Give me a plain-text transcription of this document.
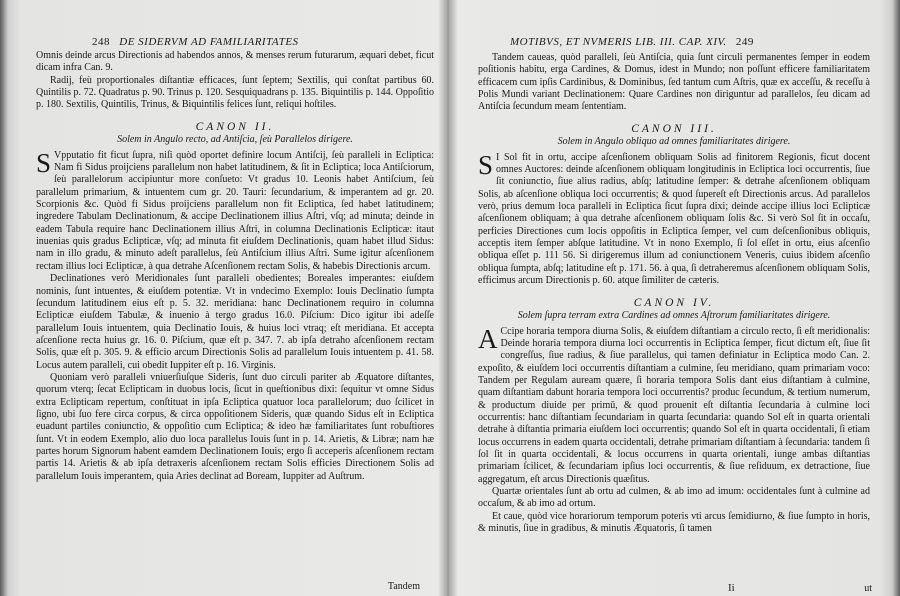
248 DE SIDERVM AD FAMILIARITATES

Omnis deinde arcus Directionis ad habendos annos, & menses rerum futurarum, æquari debet, ficut dicam infra Can. 9.

Radij, feù proportionales diſtantiæ efficaces, ſunt ſeptem; Sextilis, qui conſtat partibus 60. Quintilis p. 72. Quadratus p. 90. Trinus p. 120. Sesquiquadrans p. 135. Biquintilis p. 144. Oppoſitio p. 180. Sextilis, Quintilis, Trinus, & Biquintilis felices ſunt, reliqui hoſtiles.

CANON II.
Solem in Angulo recto, ad Antiſcia, ſeù Parallelos dirigere.

S Vpputatio fit ficut ſupra, niſi quòd oportet definire locum Antiſcij, ſeù paralleli in Ecliptica: Nam fi Sidus proijciens parallelum non habet latitudinem, & ſit in Ecliptica; loca Antiſciorum, ſeù parallelorum accipiuntur more conſueto: Vt gradus 10. Leonis habet Antiſcium, ſeù parallelum primarium, & intuentem cum gr. 20. Tauri: ſecundarium, & imperantem ad gr. 20. Scorpionis &c. Quòd fi Sidus proijciens parallelum non fit Ecliptica, ſed habet latitudinem; ingredere Tabulam Declinationum, & accipe Declinationem illius Aſtri, vſq; ad minuta; deinde in eadem Tabula require hanc Declinationem illius Aſtri, in columna Declinationis Eclipticæ: itaut inuenias quis gradus Eclipticæ, vſq; ad minuta fit eiuſdem Declinationis, quam habet illud Sidus: nam in illo gradu, & minuto adeſt parallelus, ſeù Antiſcium illius Aſtri. Sume igitur aſcenſionem rectam illius loci Eclipticæ, à qua detrahe Aſcenſionem rectam Solis, & habebis Directionis arcum.

Declinationes verò Meridionales ſunt paralleli obedientes; Boreales imperantes: eiuſdem nominis, ſunt intuentes, & eiuſdem potentiæ. Vt in vndecimo Exemplo: Iouis Declinatio ſumpta ſecundum latitudinem eius eſt p. 5. 32. meridiana: hanc Declinationem requiro in columna Eclipticæ eiuſdem Tabulæ, & inuenio à tergo gradus 16.0. Piſcium: Dico igitur ibi adeſſe parallelum Iouis intuentem, quia Declinatio Iouis, & huius loci vtraq; eſt meridiana. Et accepta aſcenſione recta huius gr. 16. 0. Piſcium, quæ eſt p. 347. 7. ab ipſa detraho aſcenſionem rectam Solis, quæ eſt p. 305. 9. & efficio arcum Directionis Solis ad parallelum Iouis intuentem p. 41. 58. Locus autem paralleli, cui obedit Iuppiter eſt p. 16. Virginis.

Quoniam verò paralleli vniuerſiuſque Sideris, ſunt duo circuli pariter ab Æquatore diſtantes, quorum vterq; ſecat Eclipticam in duobus locis, ſicut in queſtionibus dixi: ſequitur vt omne Sidus extra Eclipticam repertum, conſtituat in ipſa Ecliptica quatuor loca parallelorum; duo ſcilicet in ſigno, ubi ſuo fere circa corpus, & circa oppoſitionem Sideris, quæ quando Sidus eſt in Ecliptica euadunt partiles coniunctio, & oppoſitio cum Ecliptica; & ideo hæ familiaritates ſunt robuſtiores ſunt. Vt in eodem Exemplo, alio duo loca parallelus Iouis ſunt in p. 14. Arietis, & Libræ; nam hæ partes horum Signorum habent eamdem Declinationem Iouis; ergo ſi acceperis aſcenſionem rectam partis 14. Arietis & ab ipſa detraxeris aſcenſionem rectam Solis efficies Directionem Solis ad parallelum Iouis imperantem, quia Aries declinat ad Boream, Iuppiter ad Auſtrum.

Tandem
MOTIBVS, ET NVMERIS LIB. III. CAP. XIV. 249

Tandem caueas, quòd paralleli, ſeù Antiſcia, quia ſunt circuli permanentes ſemper in eodem poſitionis habitu, erga Cardines, & Domus, idest in Mundo; non poſſunt efficere familiaritatem efficacem cum ipſis Cardinibus, & Dominibus, ſed tantum cum Aſtris, quæ ex acceſſu, & receſſu à Polis Mundi variant Declinationem: Quare Cardines non diriguntur ad parallelos, ſeu dicam ad Antiſcia ſecundum meam ſententiam.

CANON III.
Solem in Angulo obliquo ad omnes familiaritates dirigere.

S I Sol fit in ortu, accipe aſcenſionem obliquam Solis ad finitorem Regionis, ficut docent omnes Auctores: deinde aſcenſionem obliquam longitudinis in Ecliptica loci occurrentis, ſiue ſit coniunctio, ſiue alius radius, abſq; latitudine ſemper: & detrahe aſcenſionem obliquam Solis, ab aſcenſione obliqua loci occurrentis; & quod ſupereſt eſt Directionis arcus. Ad parallelos verò, prius demum loca paralleli in Ecliptica ſicut ſupra dixi; deinde accipe illius loci Eclipticæ aſcenſionem obliquam; à qua detrahe aſcenſionem obliquam ſolis &c. Si verò Sol ſit in occaſu, perficies Directiones cum locis oppoſitis in Ecliptica ſemper, vel cum deſcenſionibus obliquis, acceptis item ſemper abſque latitudine. Vt in nono Exemplo, ſi ſol eſſet in ortu, eius aſcenſio obliqua eſſet p. 111 56. Si dirigeremus illum ad coniunctionem Veneris, cuius ibidem aſcenſio obliqua ſumpta, abſq; latitudine eſt p. 171. 56. à qua, ſi detraheremus aſcenſionem obliquam Solis, efficimus arcum Directionis p. 60. atque ſimiliter de cæteris.

CANON IV.
Solem ſupra terram extra Cardines ad omnes Aſtrorum familiaritates dirigere.

A Ccipe horaria tempora diurna Solis, & eiuſdem diſtantiam a circulo recto, ſi eſt meridionalis: Deinde horaria tempora diurna loci occurrentis in Ecliptica ſemper, ficut dictum eſt, ſiue ſit congreſſus, ſiue radius, & ſiue parallelus, qui tamen definiatur in Ecliptica modo Can. 2. expoſito, & eiuſdem loci occurrentis diſtantiam a culmine, ſeu meridiano, quam primariam voco: Tandem per Regulam auream quære, ſi horaria tempora Solis dant eius diſtantiam à culmine, quam diſtantiam dabunt horaria tempora loci occurrentis? produc ſecundum, & tertium numerum, & productum diuide per primū, & quod prouenit eſt diſtantia ſecundaria à culmine loci occurrentis: hanc diſtantiam ſecundariam in quarta ſecundaria: quando Sol eſt in quarta orientali detrahe à diſtantia primaria eiuſdem loci occurrentis; quando Sol eſt in quarta occidentali, ſi etiam locus occurrens in eadem quarta occidentali, detrahe primariam diſtantiam à ſecundaria: tandem ſi ſol ſit in quarta occidentali, & locus occurrens in quarta orientali, iunge ambas diſtantias primariam ſcilicet, & ſecundariam ipſius loci occurrentis, & ſiue reſiduum, ex detractione, ſiue aggregatum, eſt arcus Directionis quæſitus.

Quartæ orientales ſunt ab ortu ad culmen, & ab imo ad imum: occidentales ſunt à culmine ad occaſum, & ab imo ad ortum.

Et caue, quòd vice horariorum temporum poteris vti arcus ſemidiurno, & ſiue ſumpto in horis, & minutis, ſiue in gradibus, & minutis Æquatoris, ſi tamen

Ii	ut
